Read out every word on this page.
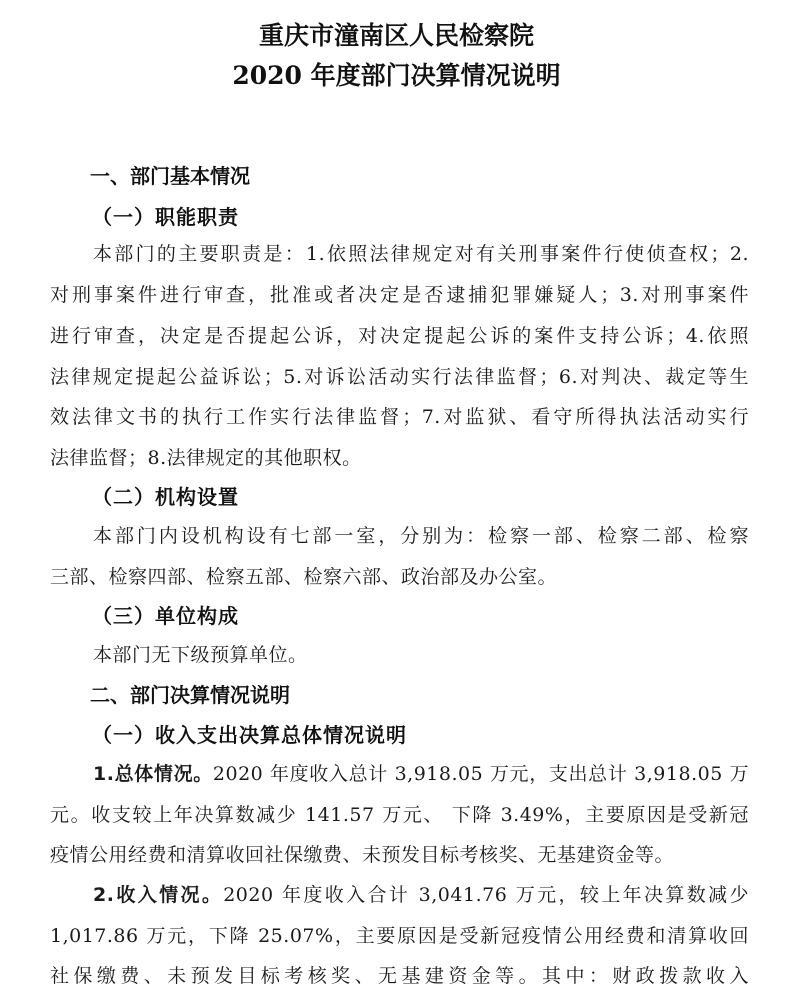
重庆市潼南区人民检察院
2020 年度部门决算情况说明
一、部门基本情况
（一）职能职责
本部门的主要职责是：1.依照法律规定对有关刑事案件行使侦查权；2.
对刑事案件进行审查，批准或者决定是否逮捕犯罪嫌疑人；3.对刑事案件
进行审查，决定是否提起公诉，对决定提起公诉的案件支持公诉；4.依照
法律规定提起公益诉讼；5.对诉讼活动实行法律监督；6.对判决、裁定等生
效法律文书的执行工作实行法律监督；7.对监狱、看守所得执法活动实行
法律监督；8.法律规定的其他职权。
（二）机构设置
本部门内设机构设有七部一室，分别为：检察一部、检察二部、检察
三部、检察四部、检察五部、检察六部、政治部及办公室。
（三）单位构成
本部门无下级预算单位。
二、部门决算情况说明
（一）收入支出决算总体情况说明
1.总体情况。2020 年度收入总计 3,918.05 万元，支出总计 3,918.05 万
元。收支较上年决算数减少 141.57 万元、 下降 3.49%，主要原因是受新冠
疫情公用经费和清算收回社保缴费、未预发目标考核奖、无基建资金等。
2.收入情况。2020 年度收入合计 3,041.76 万元，较上年决算数减少
1,017.86 万元，下降 25.07%，主要原因是受新冠疫情公用经费和清算收回
社保缴费、未预发目标考核奖、无基建资金等。其中：财政拨款收入
